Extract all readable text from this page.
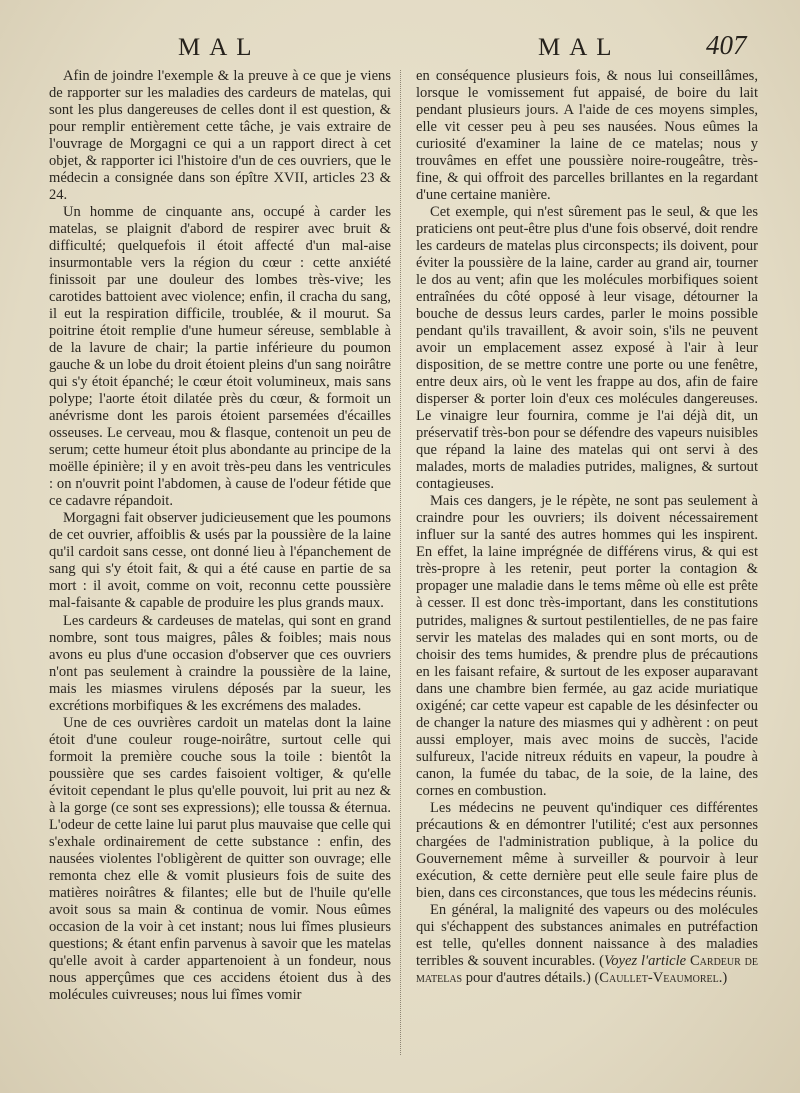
MAL	MAL	407

Afin de joindre l'exemple & la preuve à ce que je viens de rapporter sur les maladies des cardeurs de matelas, qui sont les plus dangereuses de celles dont il est question, & pour remplir entièrement cette tâche, je vais extraire de l'ouvrage de Morgagni ce qui a un rapport direct à cet objet, & rapporter ici l'histoire d'un de ces ouvriers, que le médecin a consignée dans son épître XVII, articles 23 & 24.

Un homme de cinquante ans, occupé à carder les matelas, se plaignit d'abord de respirer avec bruit & difficulté; quelquefois il étoit affecté d'un mal-aise insurmontable vers la région du cœur : cette anxiété finissoit par une douleur des lombes très-vive; les carotides battoient avec violence; enfin, il cracha du sang, il eut la respiration difficile, troublée, & il mourut. Sa poitrine étoit remplie d'une humeur séreuse, semblable à de la lavure de chair; la partie inférieure du poumon gauche & un lobe du droit étoient pleins d'un sang noirâtre qui s'y étoit épanché; le cœur étoit volumineux, mais sans polype; l'aorte étoit dilatée près du cœur, & formoit un anévrisme dont les parois étoient parsemées d'écailles osseuses. Le cerveau, mou & flasque, contenoit un peu de serum; cette humeur étoit plus abondante au principe de la moëlle épinière; il y en avoit très-peu dans les ventricules : on n'ouvrit point l'abdomen, à cause de l'odeur fétide que ce cadavre répandoit.

Morgagni fait observer judicieusement que les poumons de cet ouvrier, affoiblis & usés par la poussière de la laine qu'il cardoit sans cesse, ont donné lieu à l'épanchement de sang qui s'y étoit fait, & qui a été cause en partie de sa mort : il avoit, comme on voit, reconnu cette poussière mal-faisante & capable de produire les plus grands maux.

Les cardeurs & cardeuses de matelas, qui sont en grand nombre, sont tous maigres, pâles & foibles; mais nous avons eu plus d'une occasion d'observer que ces ouvriers n'ont pas seulement à craindre la poussière de la laine, mais les miasmes virulens déposés par la sueur, les excrétions morbifiques & les excrémens des malades.

Une de ces ouvrières cardoit un matelas dont la laine étoit d'une couleur rouge-noirâtre, surtout celle qui formoit la première couche sous la toile : bientôt la poussière que ses cardes faisoient voltiger, & qu'elle évitoit cependant le plus qu'elle pouvoit, lui prit au nez & à la gorge (ce sont ses expressions); elle toussa & éternua. L'odeur de cette laine lui parut plus mauvaise que celle qui s'exhale ordinairement de cette substance : enfin, des nausées violentes l'obligèrent de quitter son ouvrage; elle remonta chez elle & vomit plusieurs fois de suite des matières noirâtres & filantes; elle but de l'huile qu'elle avoit sous sa main & continua de vomir. Nous eûmes occasion de la voir à cet instant; nous lui fîmes plusieurs questions; & étant enfin parvenus à savoir que les matelas qu'elle avoit à carder appartenoient à un fondeur, nous nous apperçûmes que ces accidens étoient dus à des molécules cuivreuses; nous lui fîmes vomir

en conséquence plusieurs fois, & nous lui conseillâmes, lorsque le vomissement fut appaisé, de boire du lait pendant plusieurs jours. A l'aide de ces moyens simples, elle vit cesser peu à peu ses nausées. Nous eûmes la curiosité d'examiner la laine de ce matelas; nous y trouvâmes en effet une poussière noire-rougeâtre, très-fine, & qui offroit des parcelles brillantes en la regardant d'une certaine manière.

Cet exemple, qui n'est sûrement pas le seul, & que les praticiens ont peut-être plus d'une fois observé, doit rendre les cardeurs de matelas plus circonspects; ils doivent, pour éviter la poussière de la laine, carder au grand air, tourner le dos au vent; afin que les molécules morbifiques soient entraînées du côté opposé à leur visage, détourner la bouche de dessus leurs cardes, parler le moins possible pendant qu'ils travaillent, & avoir soin, s'ils ne peuvent avoir un emplacement assez exposé à l'air à leur disposition, de se mettre contre une porte ou une fenêtre, entre deux airs, où le vent les frappe au dos, afin de faire disperser & porter loin d'eux ces molécules dangereuses. Le vinaigre leur fournira, comme je l'ai déjà dit, un préservatif très-bon pour se défendre des vapeurs nuisibles que répand la laine des matelas qui ont servi à des malades, morts de maladies putrides, malignes, & surtout contagieuses.

Mais ces dangers, je le répète, ne sont pas seulement à craindre pour les ouvriers; ils doivent nécessairement influer sur la santé des autres hommes qui les inspirent. En effet, la laine imprégnée de différens virus, & qui est très-propre à les retenir, peut porter la contagion & propager une maladie dans le tems même où elle est prête à cesser. Il est donc très-important, dans les constitutions putrides, malignes & surtout pestilentielles, de ne pas faire servir les matelas des malades qui en sont morts, ou de choisir des tems humides, & prendre plus de précautions en les faisant refaire, & surtout de les exposer auparavant dans une chambre bien fermée, au gaz acide muriatique oxigéné; car cette vapeur est capable de les désinfecter ou de changer la nature des miasmes qui y adhèrent : on peut aussi employer, mais avec moins de succès, l'acide sulfureux, l'acide nitreux réduits en vapeur, la poudre à canon, la fumée du tabac, de la soie, de la laine, des cornes en combustion.

Les médecins ne peuvent qu'indiquer ces différentes précautions & en démontrer l'utilité; c'est aux personnes chargées de l'administration publique, à la police du Gouvernement même à surveiller & pourvoir à leur exécution, & cette dernière peut elle seule faire plus de bien, dans ces circonstances, que tous les médecins réunis.

En général, la malignité des vapeurs ou des molécules qui s'échappent des substances animales en putréfaction est telle, qu'elles donnent naissance à des maladies terribles & souvent incurables. (Voyez l'article Cardeur de matelas pour d'autres détails.) (Caullet-Veaumorel.)
